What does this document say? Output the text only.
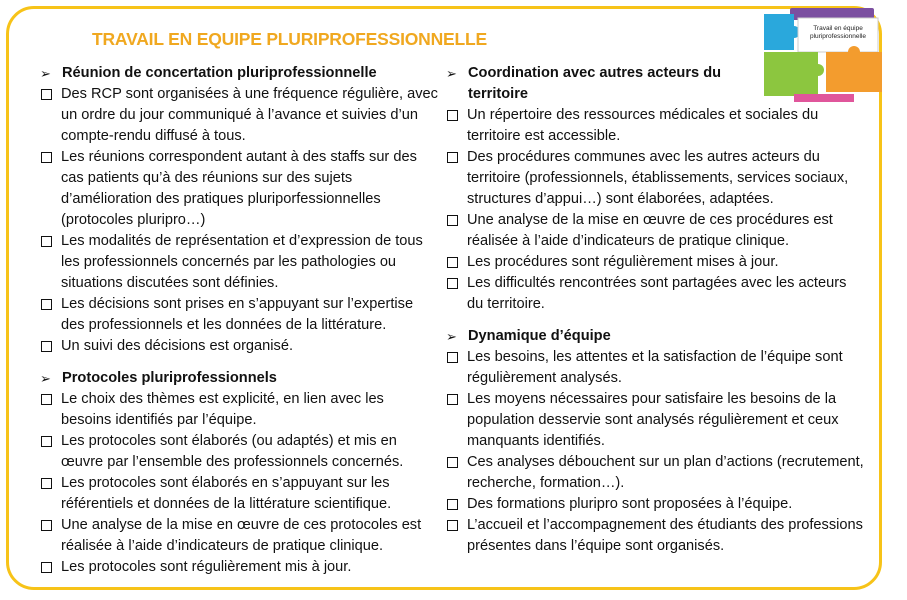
TRAVAIL EN EQUIPE PLURIPROFESSIONNELLE
Travail en équipe
pluriprofessionnelle
➢ Réunion de concertation pluriprofessionnelle
Des RCP sont organisées à une fréquence régulière, avec un ordre du jour communiqué à l’avance et suivies d’un compte-rendu diffusé à tous.
Les réunions correspondent autant à des staffs sur des cas patients qu’à des réunions sur des sujets d’amélioration des pratiques pluriporfessionnelles (protocoles pluripro…)
Les modalités de représentation et d’expression de tous les professionnels concernés par les pathologies ou situations discutées sont définies.
Les décisions sont prises en s’appuyant sur l’expertise des professionnels et les données de la littérature.
Un suivi des décisions est organisé.
➢ Protocoles pluriprofessionnels
Le choix des thèmes est explicité, en lien avec les besoins identifiés par l’équipe.
Les protocoles sont élaborés (ou adaptés) et mis en œuvre par l’ensemble des professionnels concernés.
Les protocoles sont élaborés en s’appuyant sur les référentiels et données de la littérature scientifique.
Une analyse de la mise en œuvre de ces protocoles est réalisée à l’aide d’indicateurs de pratique clinique.
Les protocoles sont régulièrement mis à jour.
➢ Coordination avec autres acteurs du territoire
Un répertoire des ressources médicales et sociales du territoire est accessible.
Des procédures communes avec les autres acteurs du territoire (professionnels, établissements, services sociaux, structures d’appui…) sont élaborées, adaptées.
Une analyse de la mise en œuvre de ces procédures est réalisée à l’aide d’indicateurs de pratique clinique.
Les procédures sont régulièrement mises à jour.
Les difficultés rencontrées sont partagées avec les acteurs du territoire.
➢ Dynamique d’équipe
Les besoins, les attentes et la satisfaction de l’équipe sont régulièrement analysés.
Les moyens nécessaires pour satisfaire les besoins de la population desservie sont analysés régulièrement et ceux manquants identifiés.
Ces analyses débouchent sur un plan d’actions (recrutement, recherche, formation…).
Des formations pluripro sont proposées à l’équipe.
L’accueil et l’accompagnement des étudiants des professions présentes dans l’équipe sont organisés.
